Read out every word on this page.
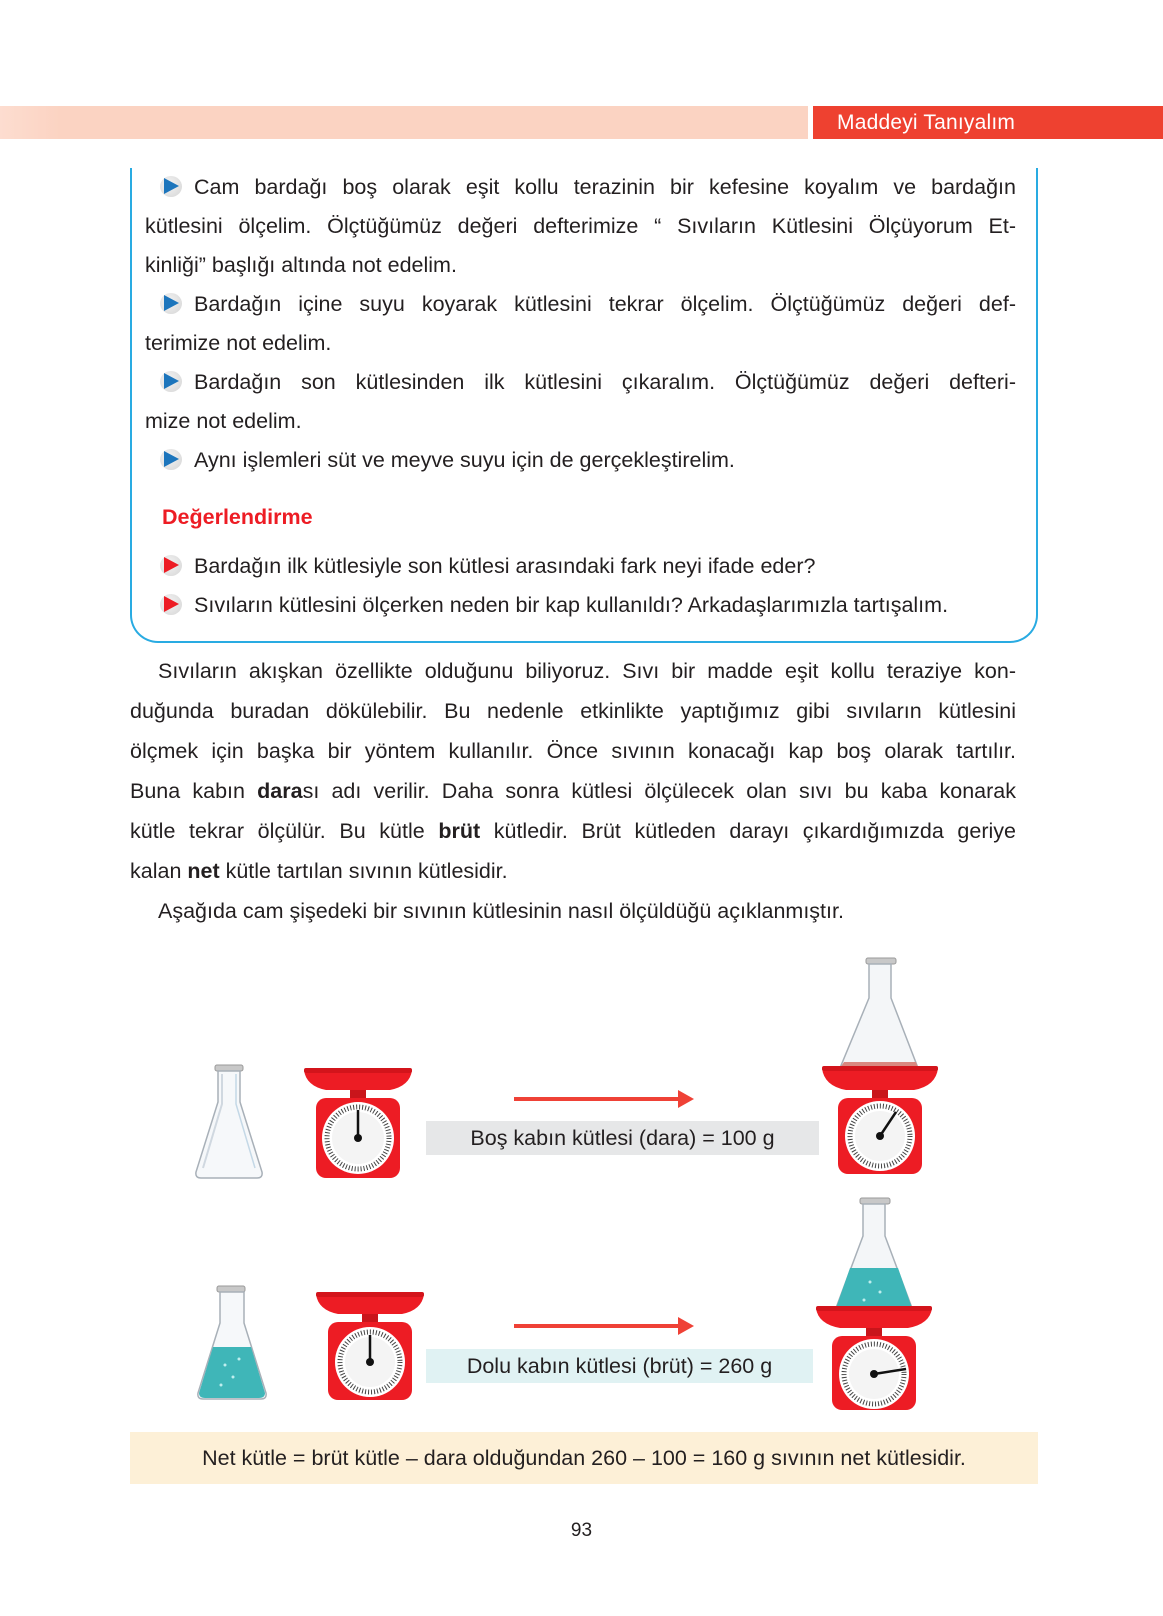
Maddeyi Tanıyalım
Cam bardağı boş olarak eşit kollu terazinin bir kefesine koyalım ve bardağın
kütlesini ölçelim. Ölçtüğümüz değeri defterimize “ Sıvıların Kütlesini Ölçüyorum Et-
kinliği” başlığı altında not edelim.
Bardağın içine suyu koyarak kütlesini tekrar ölçelim. Ölçtüğümüz değeri def-
terimize not edelim.
Bardağın son kütlesinden ilk kütlesini çıkaralım. Ölçtüğümüz değeri defteri-
mize not edelim.
Aynı işlemleri süt ve meyve suyu için de gerçekleştirelim.
Değerlendirme
Bardağın ilk kütlesiyle son kütlesi arasındaki fark neyi ifade eder?
Sıvıların kütlesini ölçerken neden bir kap kullanıldı? Arkadaşlarımızla tartışalım.
Sıvıların akışkan özellikte olduğunu biliyoruz. Sıvı bir madde eşit kollu teraziye kon-
duğunda buradan dökülebilir. Bu nedenle etkinlikte yaptığımız gibi sıvıların kütlesini
ölçmek için başka bir yöntem kullanılır. Önce sıvının konacağı kap boş olarak tartılır.
Buna kabın darası adı verilir. Daha sonra kütlesi ölçülecek olan sıvı bu kaba konarak
kütle tekrar ölçülür. Bu kütle brüt kütledir. Brüt kütleden darayı çıkardığımızda geriye
kalan net kütle tartılan sıvının kütlesidir.
Aşağıda cam şişedeki bir sıvının kütlesinin nasıl ölçüldüğü açıklanmıştır.
Boş kabın kütlesi (dara) = 100 g
Dolu kabın kütlesi (brüt) = 260 g
Net kütle = brüt kütle – dara olduğundan 260 – 100 = 160 g sıvının net kütlesidir.
93
